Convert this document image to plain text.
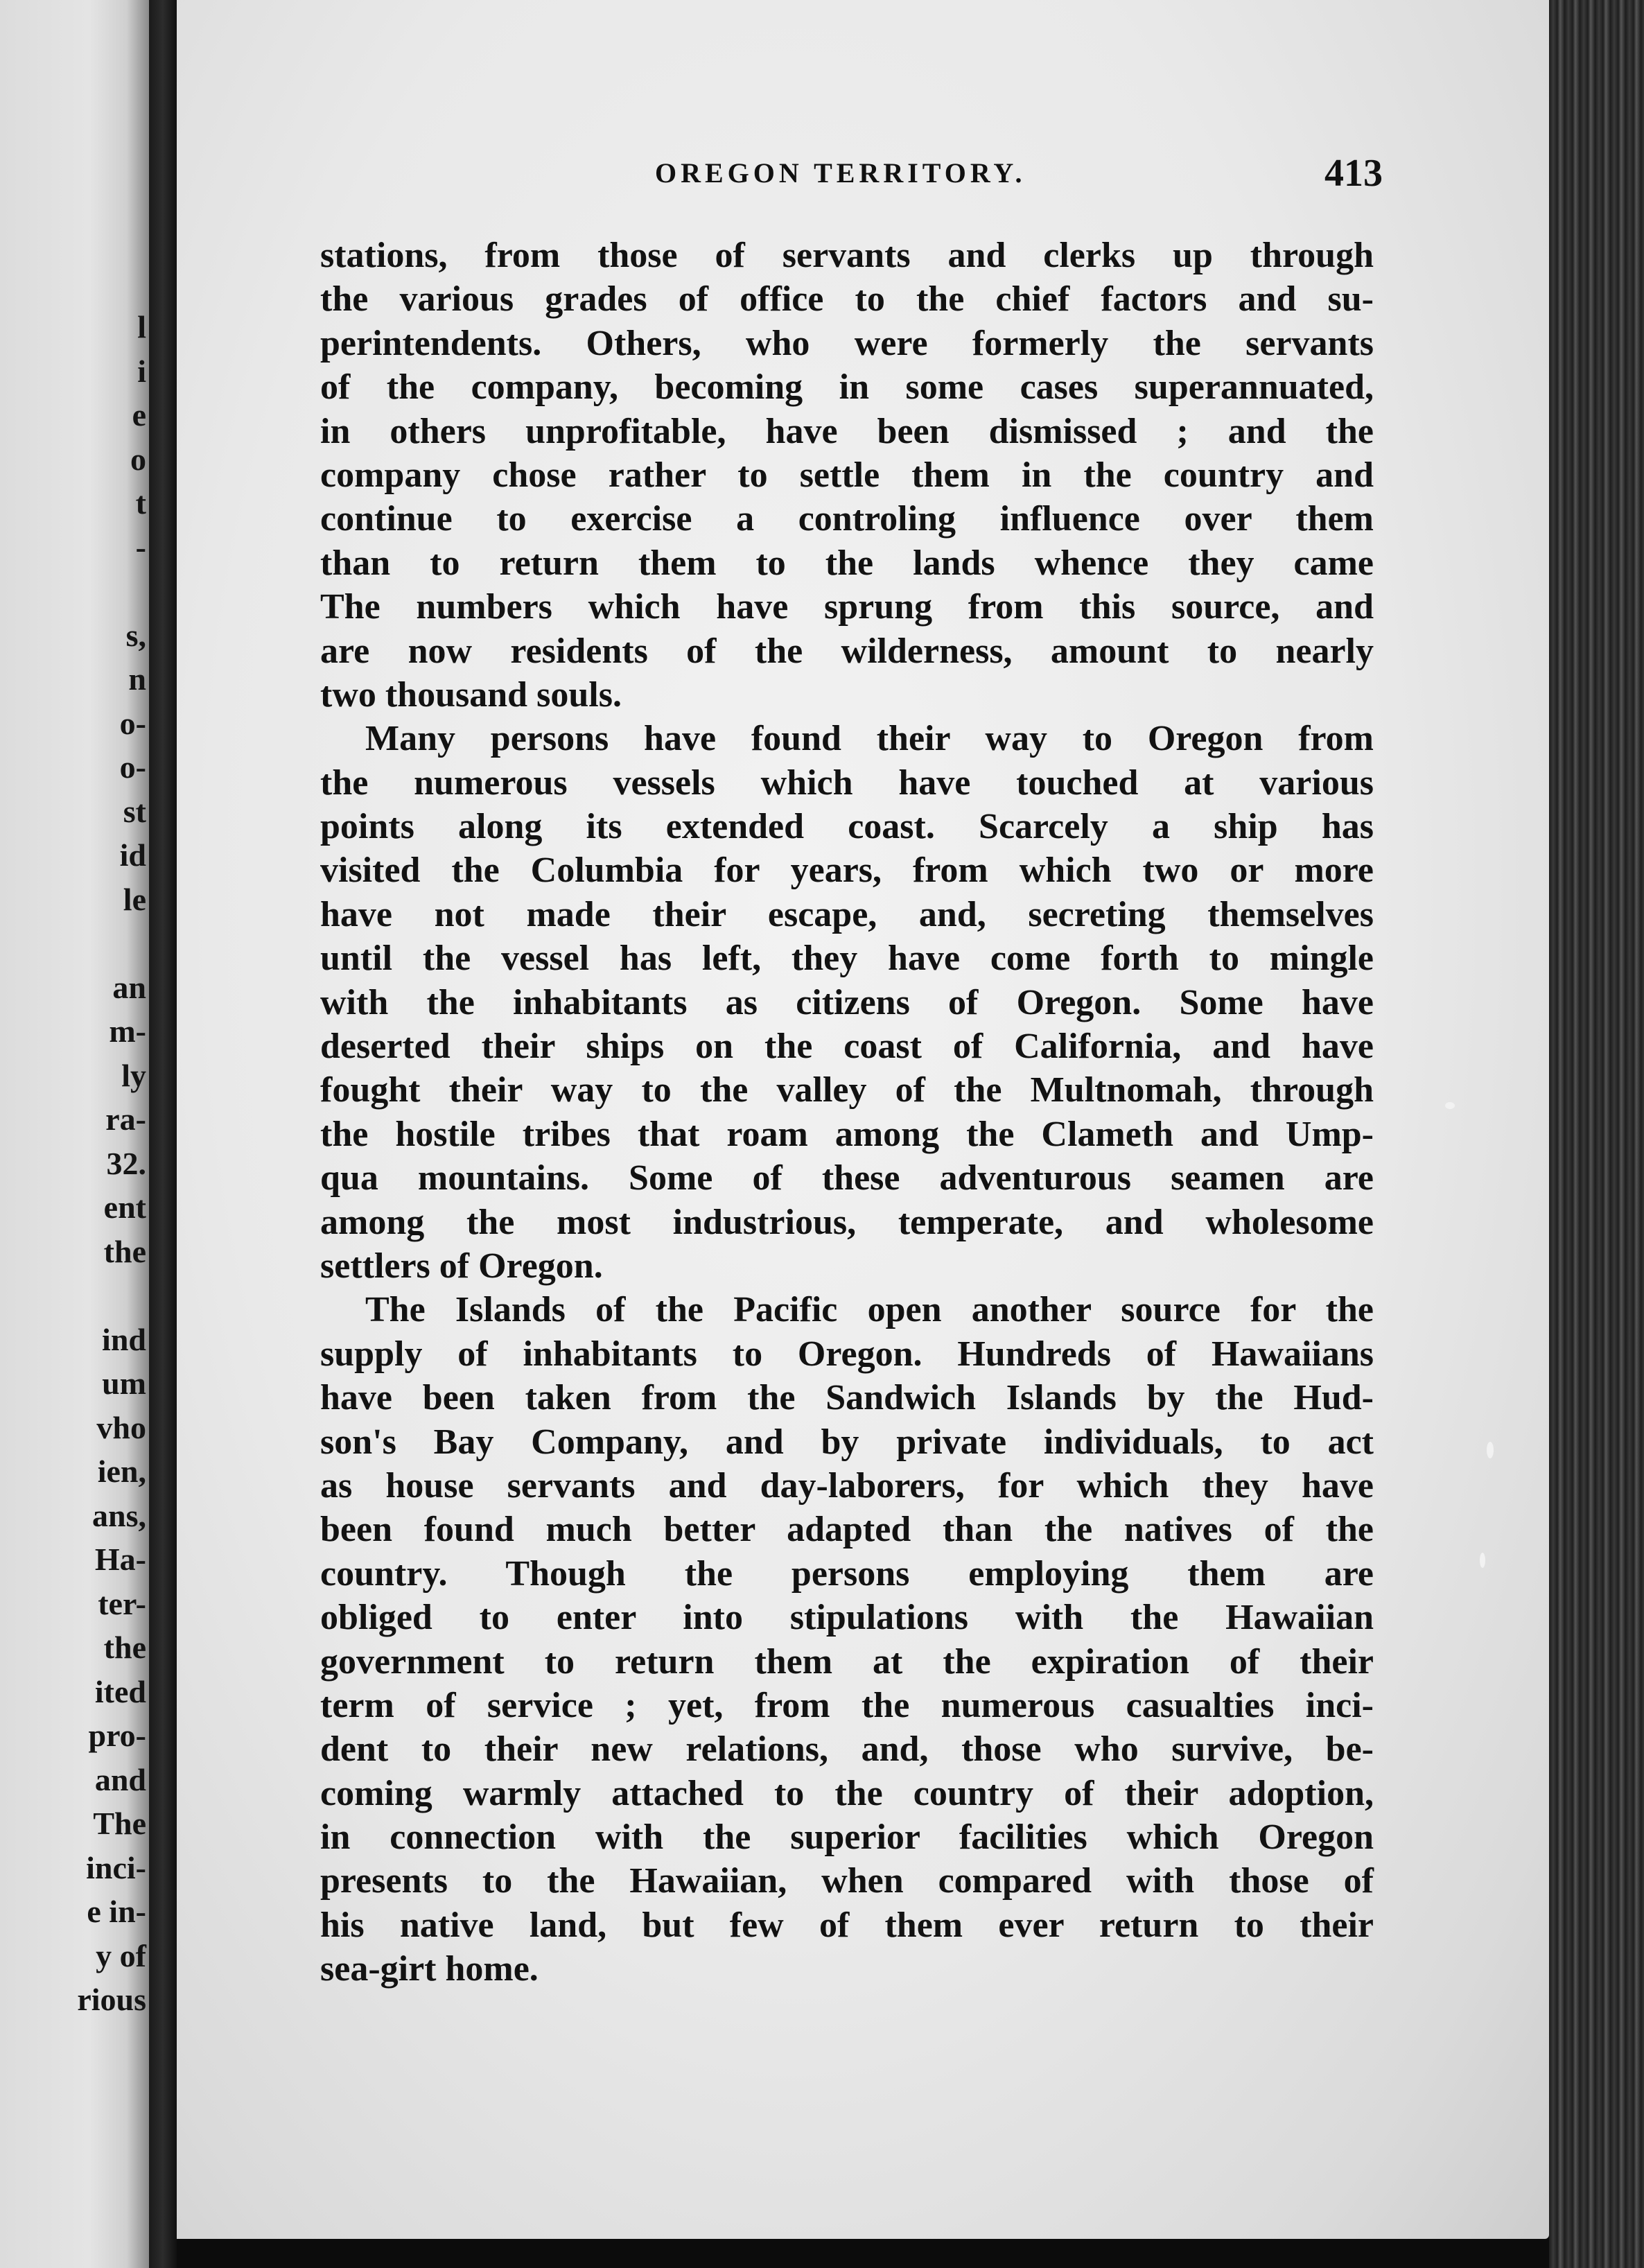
l
i
e
o
t
-
s,
n
o-
o-
st
id
le
an
m-
ly
ra-
32.
ent
the
ind
um
vho
ien,
ans,
Ha-
ter-
the
ited
pro-
and
The
inci-
e in-
y of
rious
OREGON TERRITORY.	413
stations, from those of servants and clerks up through
the various grades of office to the chief factors and su-
perintendents. Others, who were formerly the servants
of the company, becoming in some cases superannuated,
in others unprofitable, have been dismissed ; and the
company chose rather to settle them in the country and
continue to exercise a controling influence over them
than to return them to the lands whence they came
The numbers which have sprung from this source, and
are now residents of the wilderness, amount to nearly
two thousand souls.
Many persons have found their way to Oregon from
the numerous vessels which have touched at various
points along its extended coast. Scarcely a ship has
visited the Columbia for years, from which two or more
have not made their escape, and, secreting themselves
until the vessel has left, they have come forth to mingle
with the inhabitants as citizens of Oregon. Some have
deserted their ships on the coast of California, and have
fought their way to the valley of the Multnomah, through
the hostile tribes that roam among the Clameth and Ump-
qua mountains. Some of these adventurous seamen are
among the most industrious, temperate, and wholesome
settlers of Oregon.
The Islands of the Pacific open another source for the
supply of inhabitants to Oregon. Hundreds of Hawaiians
have been taken from the Sandwich Islands by the Hud-
son's Bay Company, and by private individuals, to act
as house servants and day-laborers, for which they have
been found much better adapted than the natives of the
country. Though the persons employing them are
obliged to enter into stipulations with the Hawaiian
government to return them at the expiration of their
term of service ; yet, from the numerous casualties inci-
dent to their new relations, and, those who survive, be-
coming warmly attached to the country of their adoption,
in connection with the superior facilities which Oregon
presents to the Hawaiian, when compared with those of
his native land, but few of them ever return to their
sea-girt home.
